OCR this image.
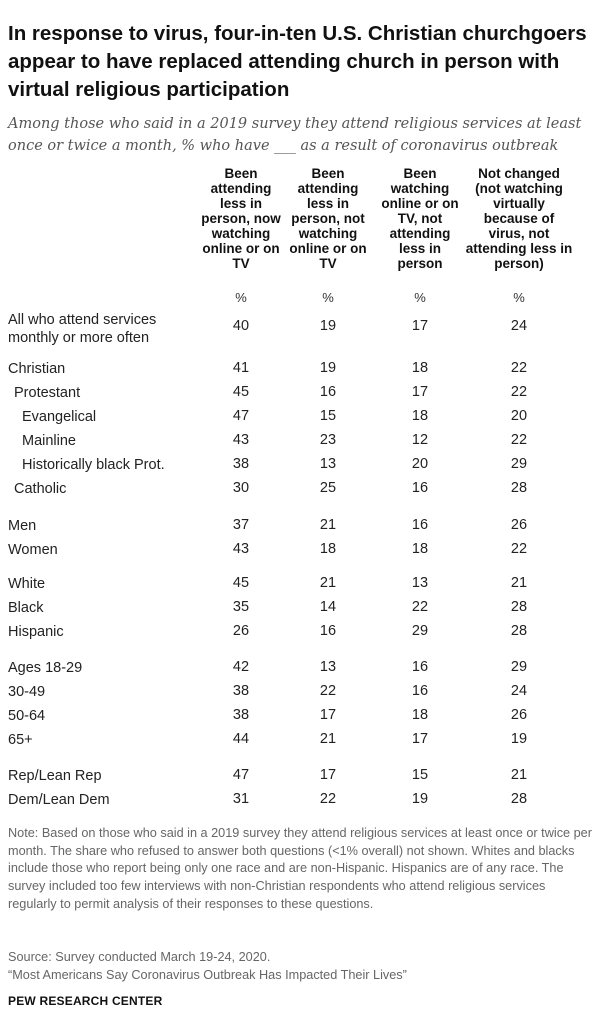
In response to virus, four-in-ten U.S. Christian churchgoers appear to have replaced attending church in person with virtual religious participation

Among those who said in a 2019 survey they attend religious services at least once or twice a month, % who have ___ as a result of coronavirus outbreak

Been
attending
less in
person, now
watching
online or on
TV
%
Been
attending
less in
person, not
watching
online or on
TV
%
Been
watching
online or on
TV, not
attending
less in
person
%
Not changed
(not watching
virtually
because of
virus, not
attending less in
person)
%
All who attend services
monthly or more often
40	19	17	24
Christian	41	19	18	22
Protestant	45	16	17	22
Evangelical	47	15	18	20
Mainline	43	23	12	22
Historically black Prot.	38	13	20	29
Catholic	30	25	16	28
Men	37	21	16	26
Women	43	18	18	22
White	45	21	13	21
Black	35	14	22	28
Hispanic	26	16	29	28
Ages 18-29	42	13	16	29
30-49	38	22	16	24
50-64	38	17	18	26
65+	44	21	17	19
Rep/Lean Rep	47	17	15	21
Dem/Lean Dem	31	22	19	28

Note: Based on those who said in a 2019 survey they attend religious services at least once or twice per month. The share who refused to answer both questions (<1% overall) not shown. Whites and blacks include those who report being only one race and are non-Hispanic. Hispanics are of any race. The survey included too few interviews with non-Christian respondents who attend religious services regularly to permit analysis of their responses to these questions.

Source: Survey conducted March 19-24, 2020.
“Most Americans Say Coronavirus Outbreak Has Impacted Their Lives”
PEW RESEARCH CENTER
